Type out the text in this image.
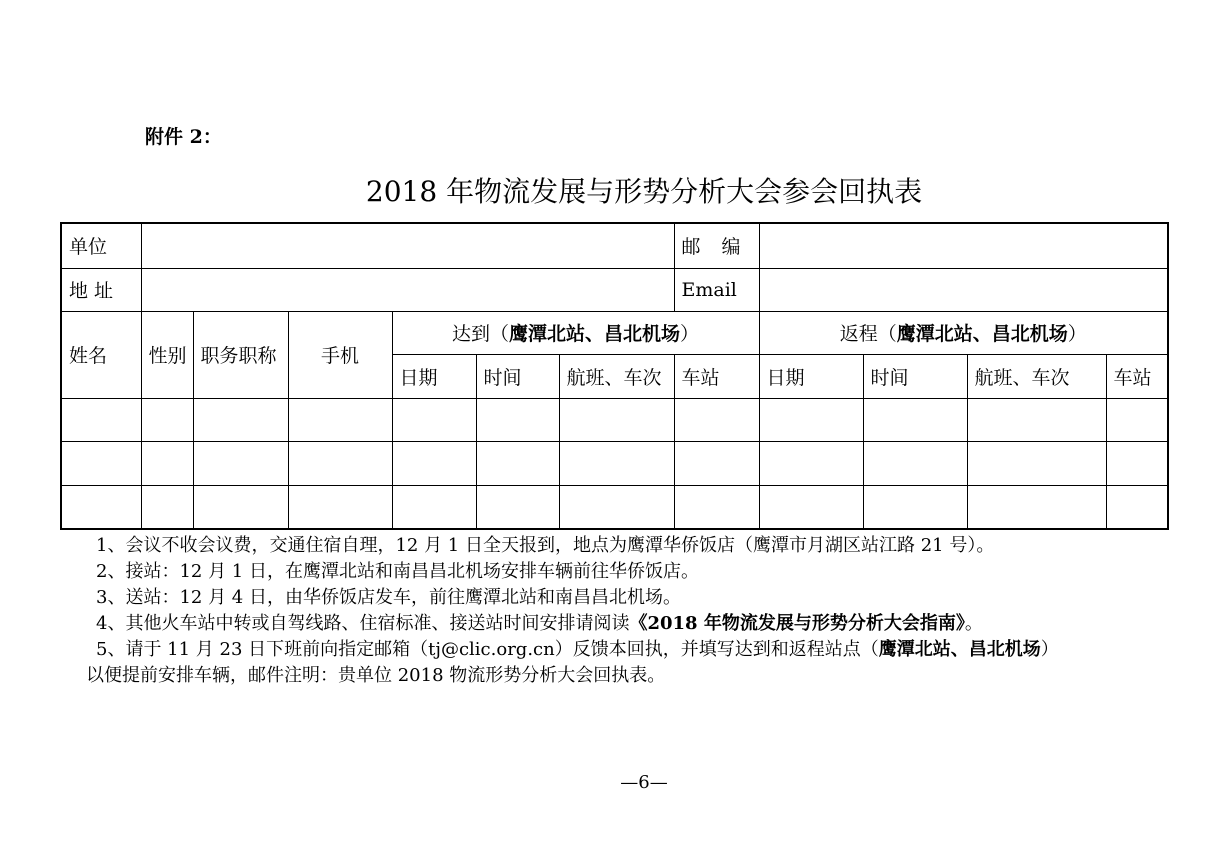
附件 2：
2018 年物流发展与形势分析大会参会回执表
单位							邮　编				
地 址							Email				
姓名	性别	职务职称	手机	达到（鹰潭北站、昌北机场）				返程（鹰潭北站、昌北机场）			
				日期	时间	航班、车次	车站	日期	时间	航班、车次	车站

1、会议不收会议费，交通住宿自理，12 月 1 日全天报到，地点为鹰潭华侨饭店（鹰潭市月湖区站江路 21 号）。
2、接站：12 月 1 日，在鹰潭北站和南昌昌北机场安排车辆前往华侨饭店。
3、送站：12 月 4 日，由华侨饭店发车，前往鹰潭北站和南昌昌北机场。
4、其他火车站中转或自驾线路、住宿标准、接送站时间安排请阅读《2018 年物流发展与形势分析大会指南》。
5、请于 11 月 23 日下班前向指定邮箱（tj@clic.org.cn）反馈本回执，并填写达到和返程站点（鹰潭北站、昌北机场）
以便提前安排车辆，邮件注明：贵单位 2018 物流形势分析大会回执表。
—6—
